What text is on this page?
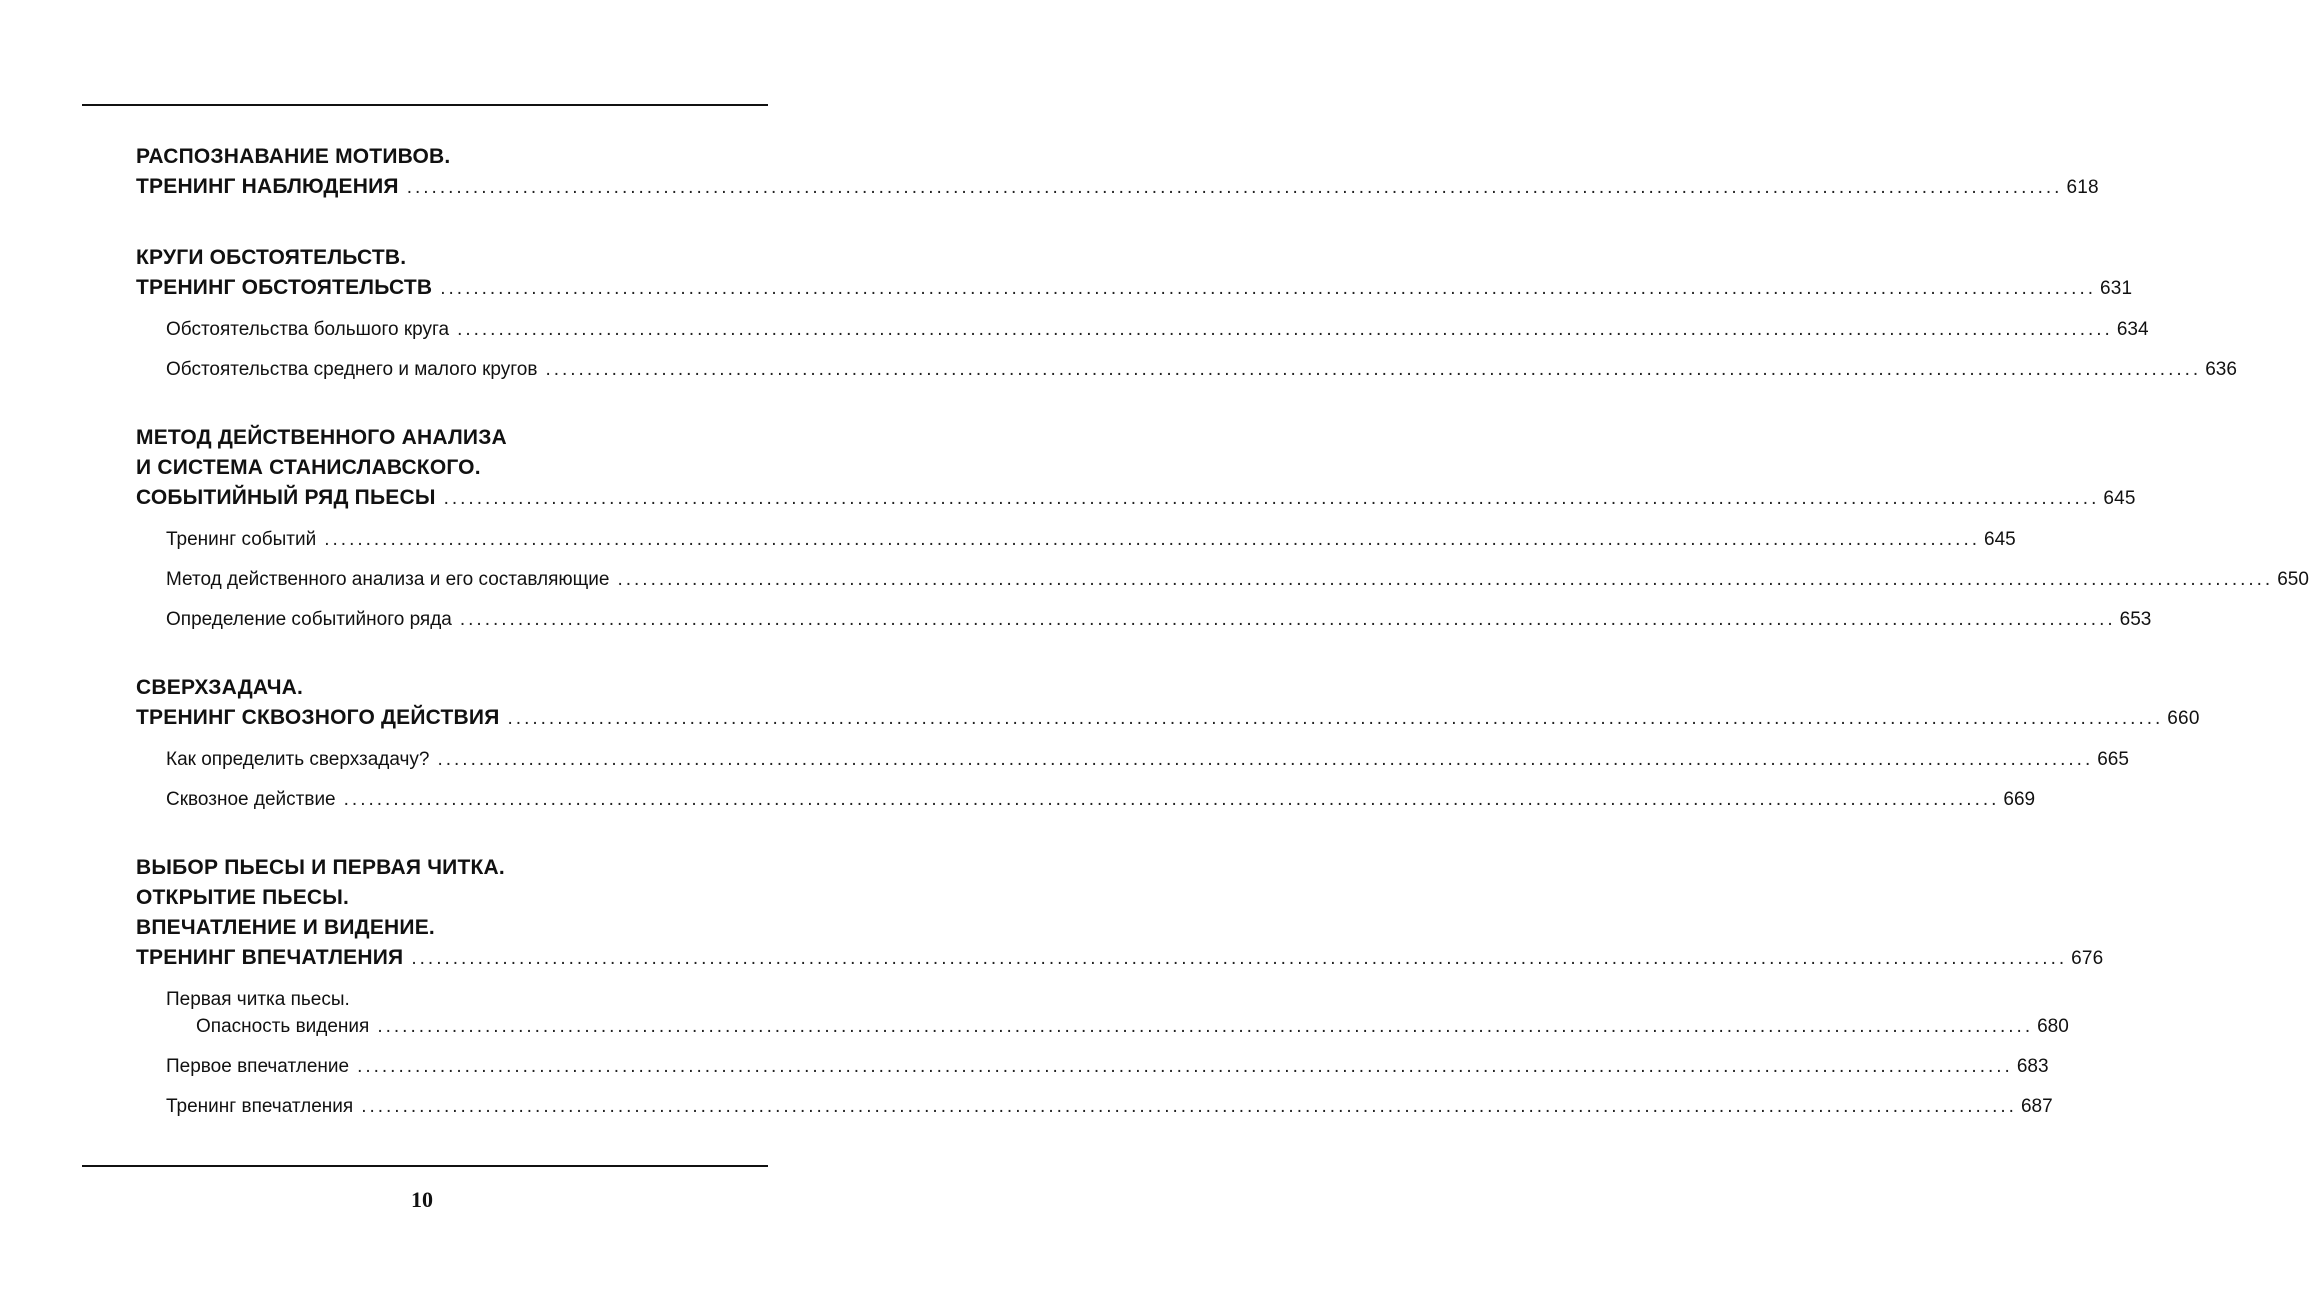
РАСПОЗНАВАНИЕ МОТИВОВ.
ТРЕНИНГ НАБЛЮДЕНИЯ ........................................................................................................................................................................................................ 618
КРУГИ ОБСТОЯТЕЛЬСТВ.
ТРЕНИНГ ОБСТОЯТЕЛЬСТВ ........................................................................................................................................................................................................ 631
Обстоятельства большого круга ........................................................................................................................................................................................................ 634
Обстоятельства среднего и малого кругов ........................................................................................................................................................................................................ 636
МЕТОД ДЕЙСТВЕННОГО АНАЛИЗА
И СИСТЕМА СТАНИСЛАВСКОГО.
СОБЫТИЙНЫЙ РЯД ПЬЕСЫ ........................................................................................................................................................................................................ 645
Тренинг событий ........................................................................................................................................................................................................ 645
Метод действенного анализа и его составляющие ........................................................................................................................................................................................................ 650
Определение событийного ряда ........................................................................................................................................................................................................ 653
СВЕРХЗАДАЧА.
ТРЕНИНГ СКВОЗНОГО ДЕЙСТВИЯ ........................................................................................................................................................................................................ 660
Как определить сверхзадачу? ........................................................................................................................................................................................................ 665
Сквозное действие ........................................................................................................................................................................................................ 669
ВЫБОР ПЬЕСЫ И ПЕРВАЯ ЧИТКА.
ОТКРЫТИЕ ПЬЕСЫ.
ВПЕЧАТЛЕНИЕ И ВИДЕНИЕ.
ТРЕНИНГ ВПЕЧАТЛЕНИЯ ........................................................................................................................................................................................................ 676
Первая читка пьесы.
Опасность видения ........................................................................................................................................................................................................ 680
Первое впечатление ........................................................................................................................................................................................................ 683
Тренинг впечатления ........................................................................................................................................................................................................ 687
10
